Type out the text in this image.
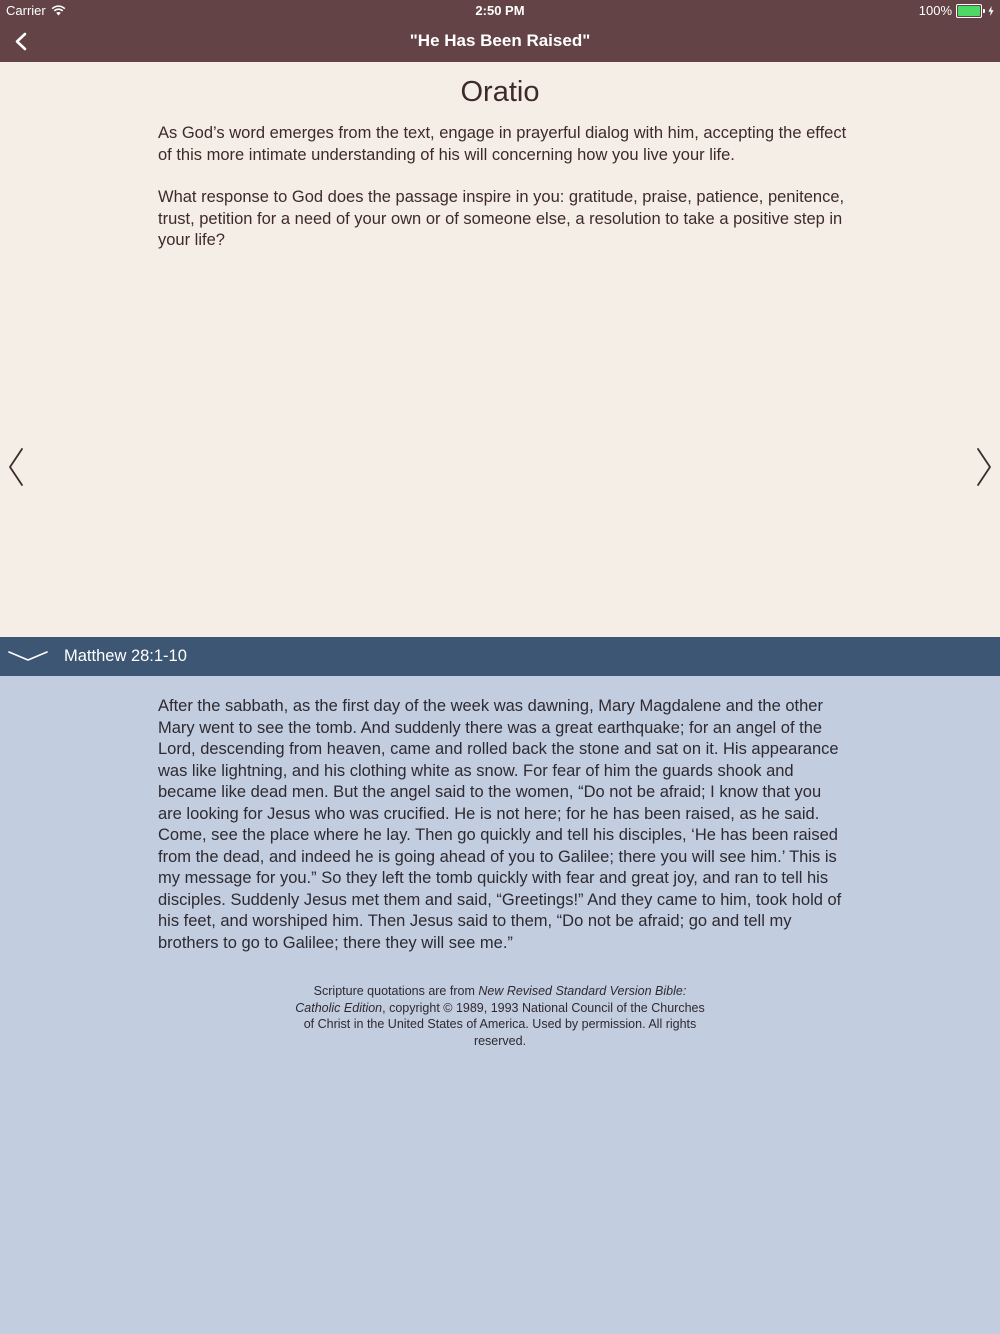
Carrier	2:50 PM	100%
"He Has Been Raised"
Oratio

As God’s word emerges from the text, engage in prayerful dialog with him, accepting the effect of this more intimate understanding of his will concerning how you live your life.

What response to God does the passage inspire in you: gratitude, praise, patience, penitence, trust, petition for a need of your own or of someone else, a resolution to take a positive step in your life?

Matthew 28:1-10

After the sabbath, as the first day of the week was dawning, Mary Magdalene and the other Mary went to see the tomb. And suddenly there was a great earthquake; for an angel of the Lord, descending from heaven, came and rolled back the stone and sat on it. His appearance was like lightning, and his clothing white as snow. For fear of him the guards shook and became like dead men. But the angel said to the women, “Do not be afraid; I know that you are looking for Jesus who was crucified. He is not here; for he has been raised, as he said. Come, see the place where he lay. Then go quickly and tell his disciples, ‘He has been raised from the dead, and indeed he is going ahead of you to Galilee; there you will see him.’ This is my message for you.” So they left the tomb quickly with fear and great joy, and ran to tell his disciples. Suddenly Jesus met them and said, “Greetings!” And they came to him, took hold of his feet, and worshiped him. Then Jesus said to them, “Do not be afraid; go and tell my brothers to go to Galilee; there they will see me.”

Scripture quotations are from New Revised Standard Version Bible: Catholic Edition, copyright © 1989, 1993 National Council of the Churches of Christ in the United States of America. Used by permission. All rights reserved.
